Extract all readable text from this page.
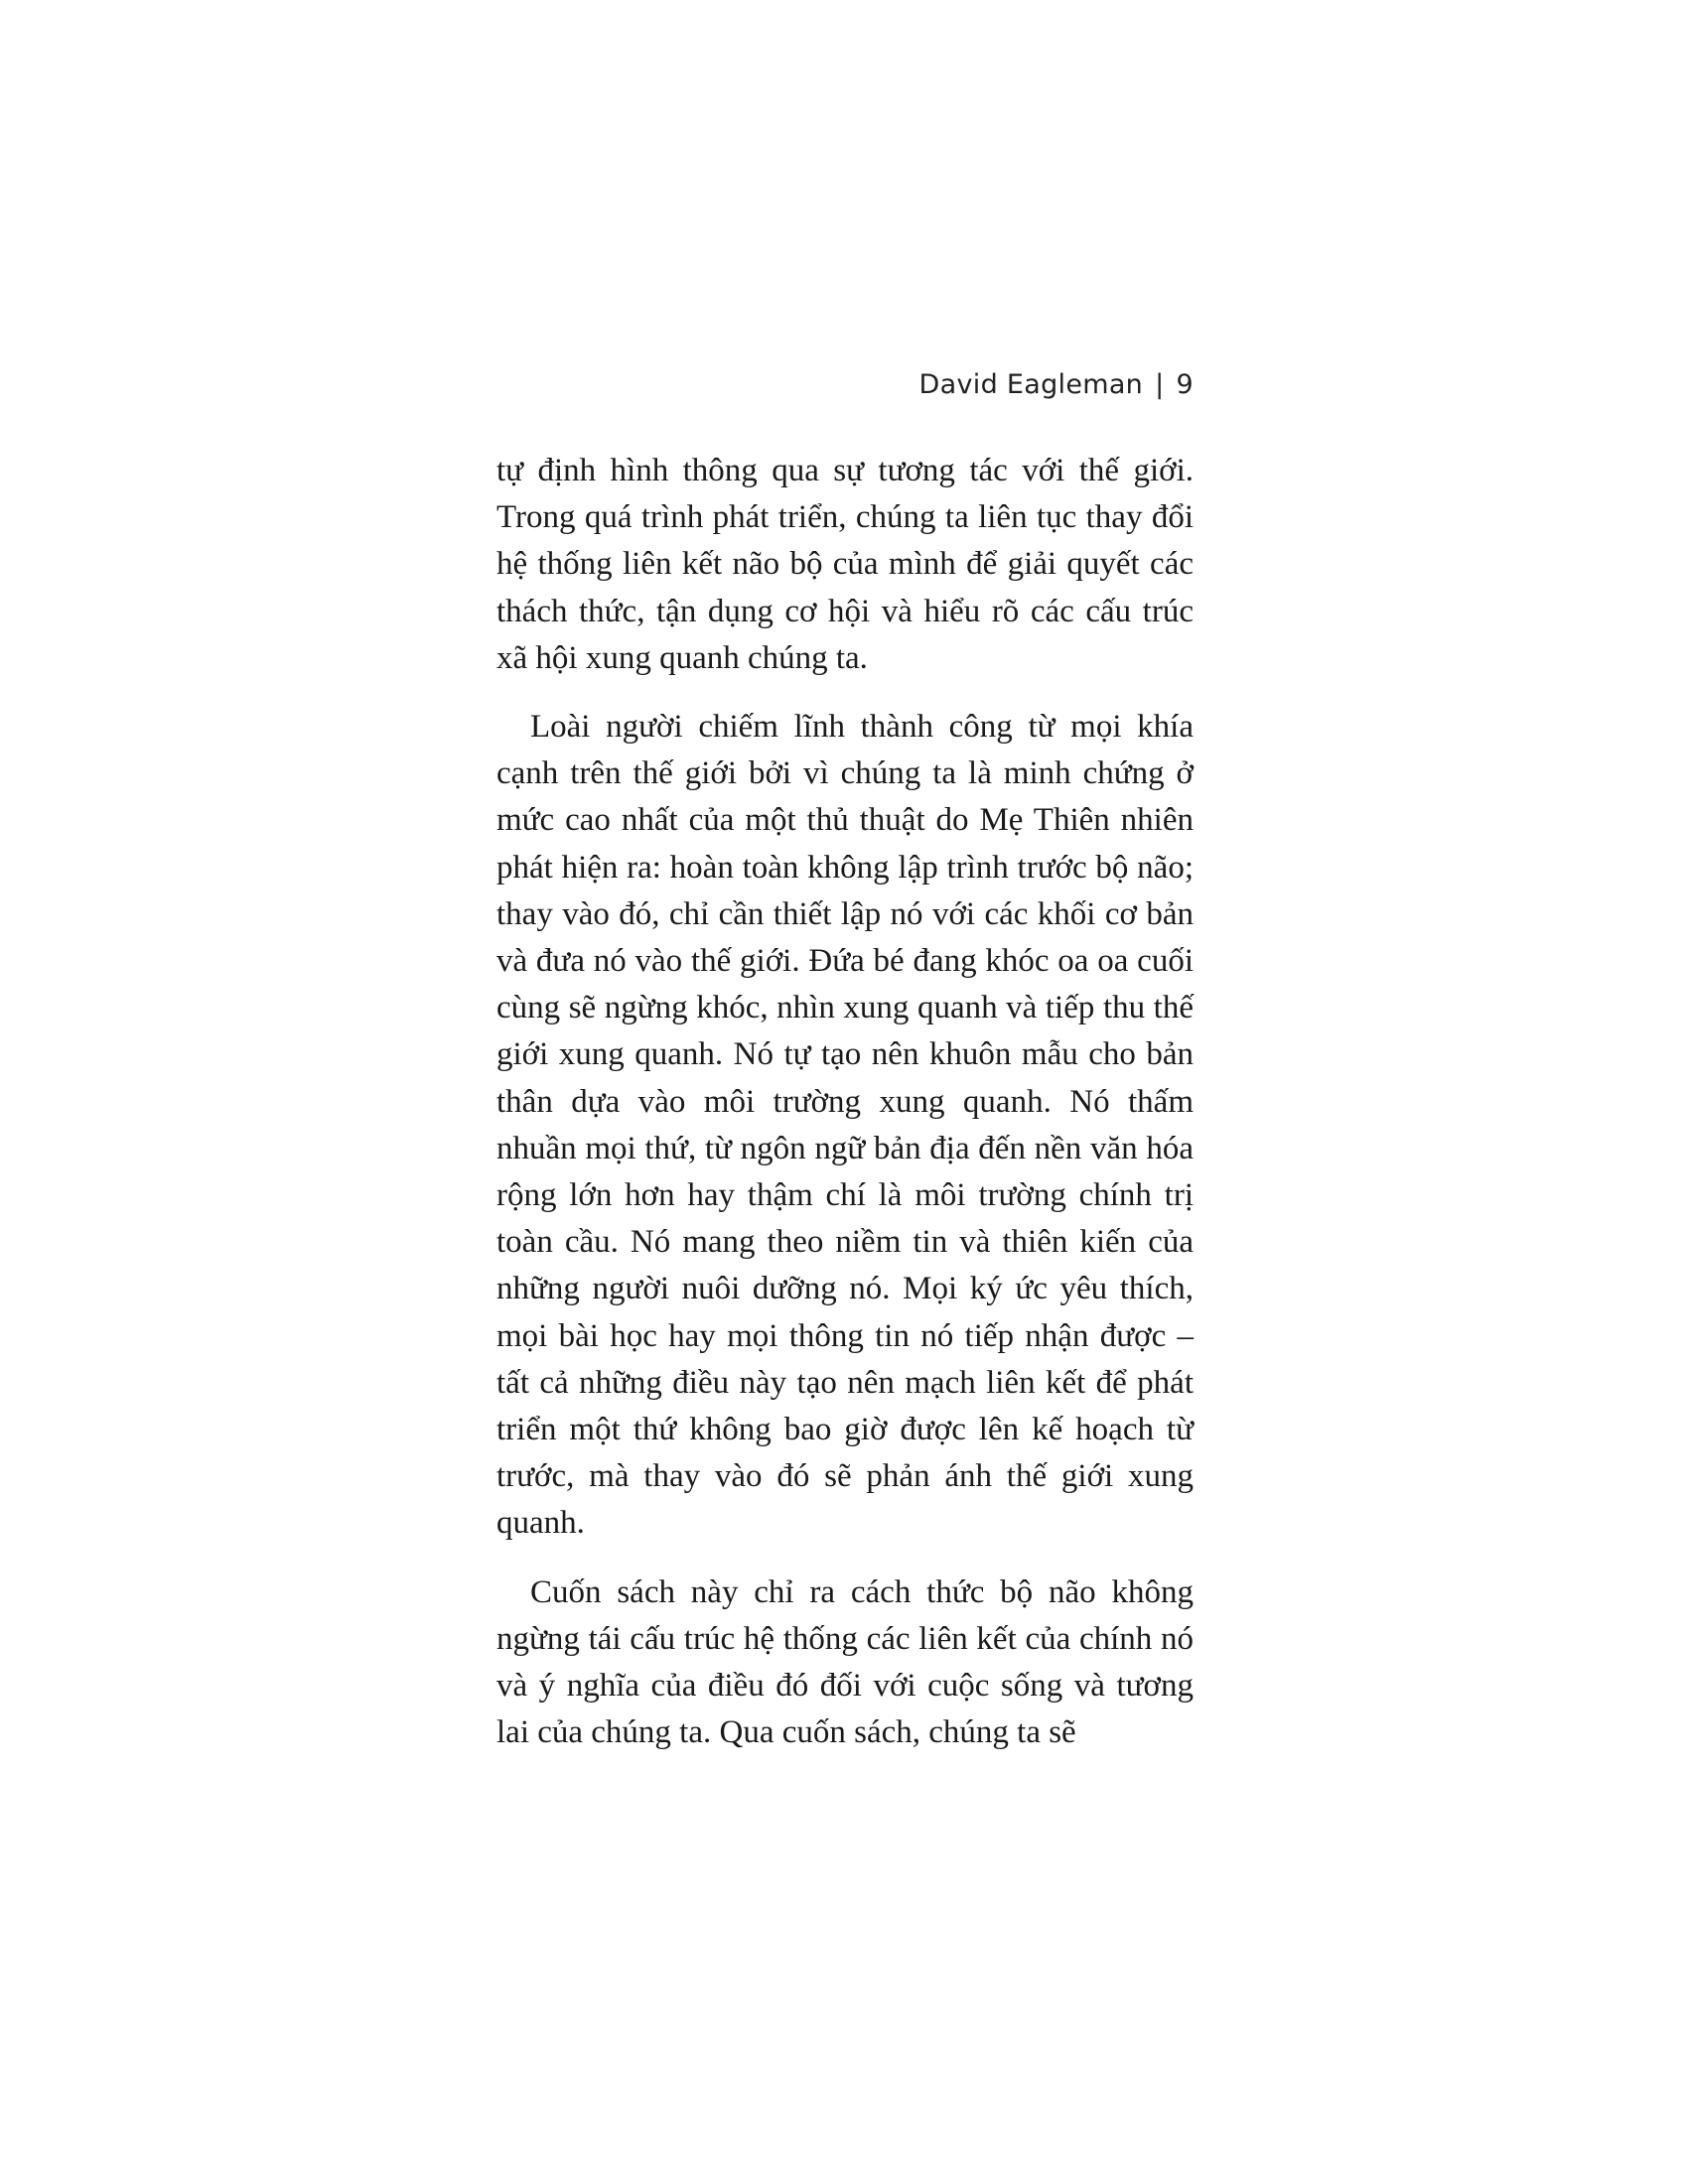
David Eagleman | 9

tự định hình thông qua sự tương tác với thế giới. Trong quá trình phát triển, chúng ta liên tục thay đổi hệ thống liên kết não bộ của mình để giải quyết các thách thức, tận dụng cơ hội và hiểu rõ các cấu trúc xã hội xung quanh chúng ta.

Loài người chiếm lĩnh thành công từ mọi khía cạnh trên thế giới bởi vì chúng ta là minh chứng ở mức cao nhất của một thủ thuật do Mẹ Thiên nhiên phát hiện ra: hoàn toàn không lập trình trước bộ não; thay vào đó, chỉ cần thiết lập nó với các khối cơ bản và đưa nó vào thế giới. Đứa bé đang khóc oa oa cuối cùng sẽ ngừng khóc, nhìn xung quanh và tiếp thu thế giới xung quanh. Nó tự tạo nên khuôn mẫu cho bản thân dựa vào môi trường xung quanh. Nó thấm nhuần mọi thứ, từ ngôn ngữ bản địa đến nền văn hóa rộng lớn hơn hay thậm chí là môi trường chính trị toàn cầu. Nó mang theo niềm tin và thiên kiến của những người nuôi dưỡng nó. Mọi ký ức yêu thích, mọi bài học hay mọi thông tin nó tiếp nhận được – tất cả những điều này tạo nên mạch liên kết để phát triển một thứ không bao giờ được lên kế hoạch từ trước, mà thay vào đó sẽ phản ánh thế giới xung quanh.

Cuốn sách này chỉ ra cách thức bộ não không ngừng tái cấu trúc hệ thống các liên kết của chính nó và ý nghĩa của điều đó đối với cuộc sống và tương lai của chúng ta. Qua cuốn sách, chúng ta sẽ
